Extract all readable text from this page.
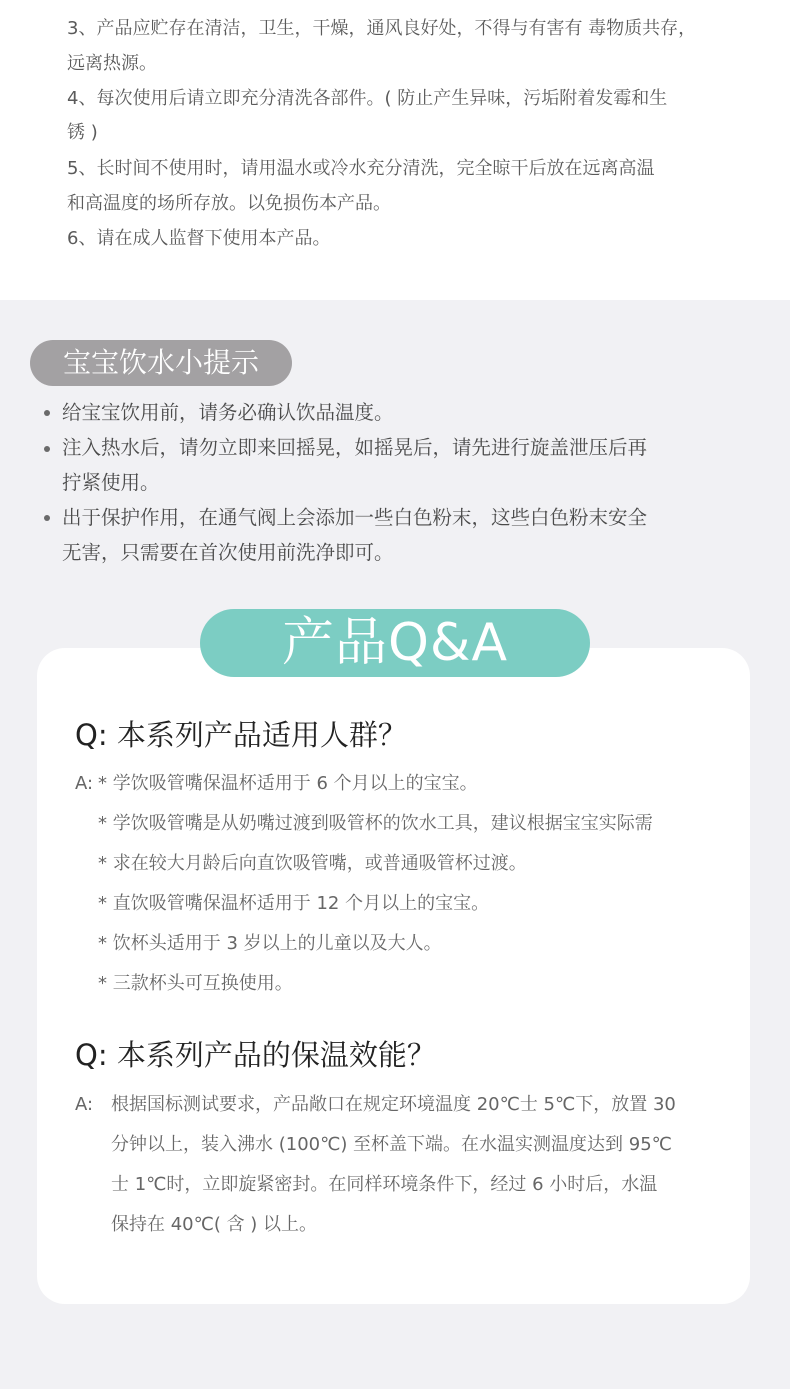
3、产品应贮存在清洁，卫生，干燥，通风良好处，不得与有害有 毒物质共存，
远离热源。
4、每次使用后请立即充分清洗各部件。( 防止产生异味，污垢附着发霉和生
锈 )
5、长时间不使用时，请用温水或冷水充分清洗，完全晾干后放在远离高温
和高温度的场所存放。以免损伤本产品。
6、请在成人监督下使用本产品。
宝宝饮水小提示
给宝宝饮用前，请务必确认饮品温度。
注入热水后，请勿立即来回摇晃，如摇晃后，请先进行旋盖泄压后再
拧紧使用。
出于保护作用，在通气阀上会添加一些白色粉末，这些白色粉末安全
无害，只需要在首次使用前洗净即可。
产品Q&A
Q: 本系列产品适用人群？
A: * 学饮吸管嘴保温杯适用于 6 个月以上的宝宝。
* 学饮吸管嘴是从奶嘴过渡到吸管杯的饮水工具，建议根据宝宝实际需
* 求在较大月龄后向直饮吸管嘴，或普通吸管杯过渡。
* 直饮吸管嘴保温杯适用于 12 个月以上的宝宝。
* 饮杯头适用于 3 岁以上的儿童以及大人。
* 三款杯头可互换使用。
Q: 本系列产品的保温效能？
A: 根据国标测试要求，产品敞口在规定环境温度 20℃士 5℃下，放置 30
分钟以上，装入沸水 (100℃) 至杯盖下端。在水温实测温度达到 95℃
士 1℃时，立即旋紧密封。在同样环境条件下，经过 6 小时后，水温
保持在 40℃( 含 ) 以上。
